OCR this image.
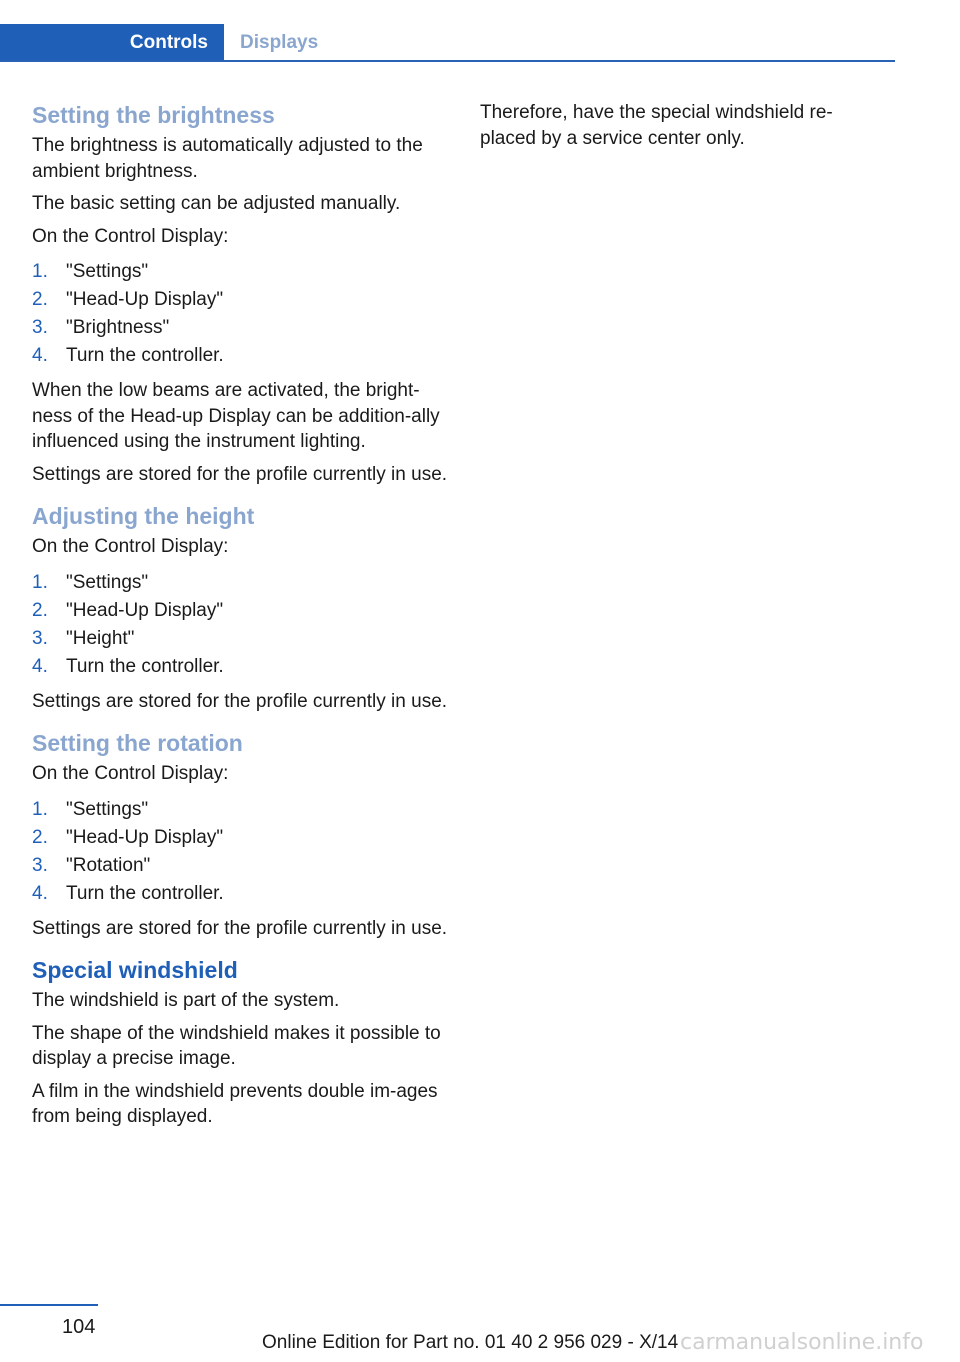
Controls	Displays
Setting the brightness

The brightness is automatically adjusted to the ambient brightness.

The basic setting can be adjusted manually.

On the Control Display:

1. "Settings"
2. "Head-Up Display"
3. "Brightness"
4. Turn the controller.

When the low beams are activated, the bright‐ness of the Head-up Display can be addition‐ally influenced using the instrument lighting.

Settings are stored for the profile currently in use.

Adjusting the height

On the Control Display:

1. "Settings"
2. "Head-Up Display"
3. "Height"
4. Turn the controller.

Settings are stored for the profile currently in use.

Setting the rotation

On the Control Display:

1. "Settings"
2. "Head-Up Display"
3. "Rotation"
4. Turn the controller.

Settings are stored for the profile currently in use.

Special windshield

The windshield is part of the system.

The shape of the windshield makes it possible to display a precise image.

A film in the windshield prevents double im‐ages from being displayed.

Therefore, have the special windshield re‐placed by a service center only.

104
Online Edition for Part no. 01 40 2 956 029 - X/14 carmanualsonline.info
